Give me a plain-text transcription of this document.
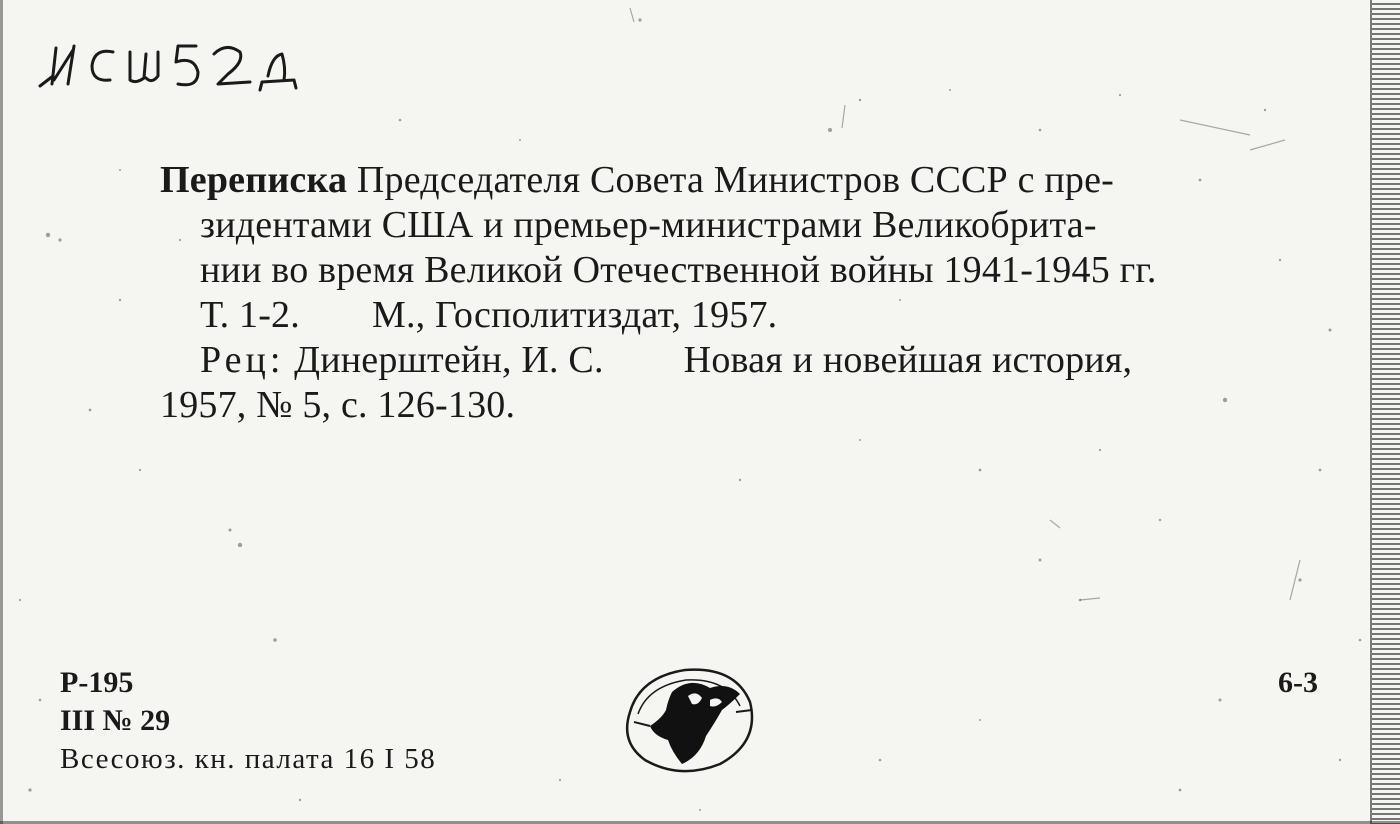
Переписка Председателя Совета Министров СССР с пре-
зидентами США и премьер-министрами Великобрита-
нии во время Великой Отечественной войны 1941-1945 гг.
Т. 1-2. М., Госполитиздат, 1957.
Рец: Динерштейн, И. С. Новая и новейшая история,
1957, № 5, с. 126-130.
Р-195
III № 29
Всесоюз. кн. палата 16 I 58
6-3
